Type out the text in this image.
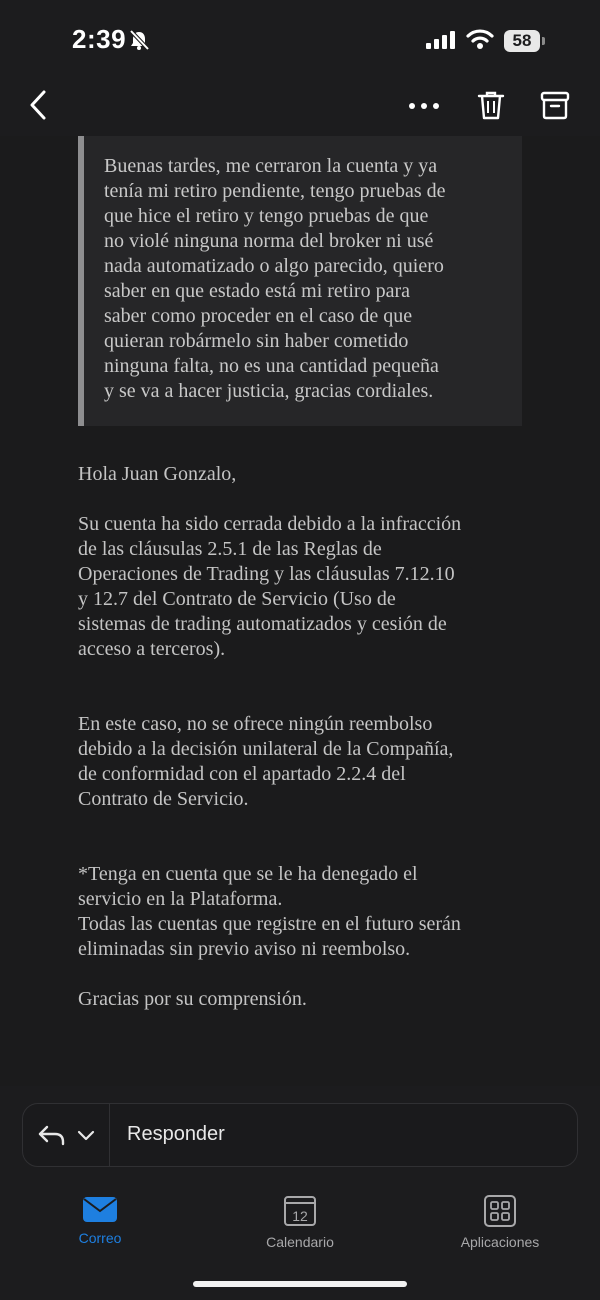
2:39	58

Buenas tardes, me cerraron la cuenta y ya
tenía mi retiro pendiente, tengo pruebas de
que hice el retiro y tengo pruebas de que
no violé ninguna norma del broker ni usé
nada automatizado o algo parecido, quiero
saber en que estado está mi retiro para
saber como proceder en el caso de que
quieran robármelo sin haber cometido
ninguna falta, no es una cantidad pequeña
y se va a hacer justicia, gracias cordiales.

Hola Juan Gonzalo,

Su cuenta ha sido cerrada debido a la infracción
de las cláusulas 2.5.1 de las Reglas de
Operaciones de Trading y las cláusulas 7.12.10
y 12.7 del Contrato de Servicio (Uso de
sistemas de trading automatizados y cesión de
acceso a terceros).

En este caso, no se ofrece ningún reembolso
debido a la decisión unilateral de la Compañía,
de conformidad con el apartado 2.2.4 del
Contrato de Servicio.

*Tenga en cuenta que se le ha denegado el
servicio en la Plataforma.
Todas las cuentas que registre en el futuro serán
eliminadas sin previo aviso ni reembolso.

Gracias por su comprensión.

Responder
Correo
12
Calendario	Aplicaciones
